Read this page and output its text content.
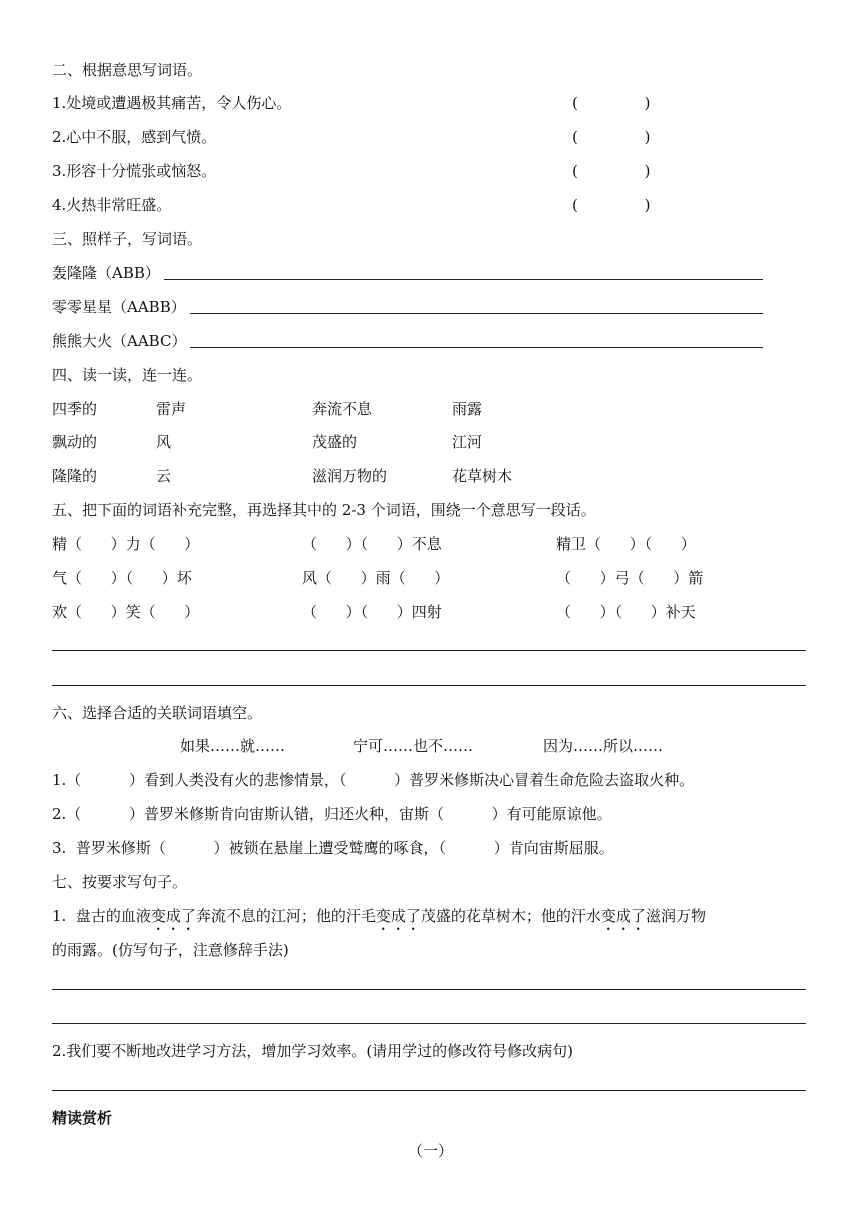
二、根据意思写词语。
1.处境或遭遇极其痛苦，令人伤心。	(              )
2.心中不服，感到气愤。	(              )
3.形容十分慌张或恼怒。	(              )
4.火热非常旺盛。	(              )
三、照样子，写词语。
轰隆隆（ABB）
零零星星（AABB）
熊熊大火（AABC）
四、读一读，连一连。
四季的	雷声	奔流不息	雨露
飘动的	风	茂盛的	江河
隆隆的	云	滋润万物的	花草树木
五、把下面的词语补充完整，再选择其中的 2-3 个词语，围绕一个意思写一段话。
精（      ）力（      ）	（      ）（      ）不息	精卫（      ）（      ）
气（      ）（      ）坏	风（      ）雨（      ）	（      ）弓（      ）箭
欢（      ）笑（      ）	（      ）（      ）四射	（      ）（      ）补天
六、选择合适的关联词语填空。
如果……就……	宁可……也不……	因为……所以……
1.（          ）看到人类没有火的悲惨情景，（          ）普罗米修斯决心冒着生命危险去盗取火种。
2.（          ）普罗米修斯肯向宙斯认错，归还火种，宙斯（          ）有可能原谅他。
3.  普罗米修斯（          ）被锁在悬崖上遭受鹫鹰的啄食，（          ）肯向宙斯屈服。
七、按要求写句子。
1.  盘古的血液变成了奔流不息的江河；他的汗毛变成了茂盛的花草树木；他的汗水变成了滋润万物
的雨露。(仿写句子，注意修辞手法)
2.我们要不断地改进学习方法，增加学习效率。(请用学过的修改符号修改病句)
精读赏析
（一）
